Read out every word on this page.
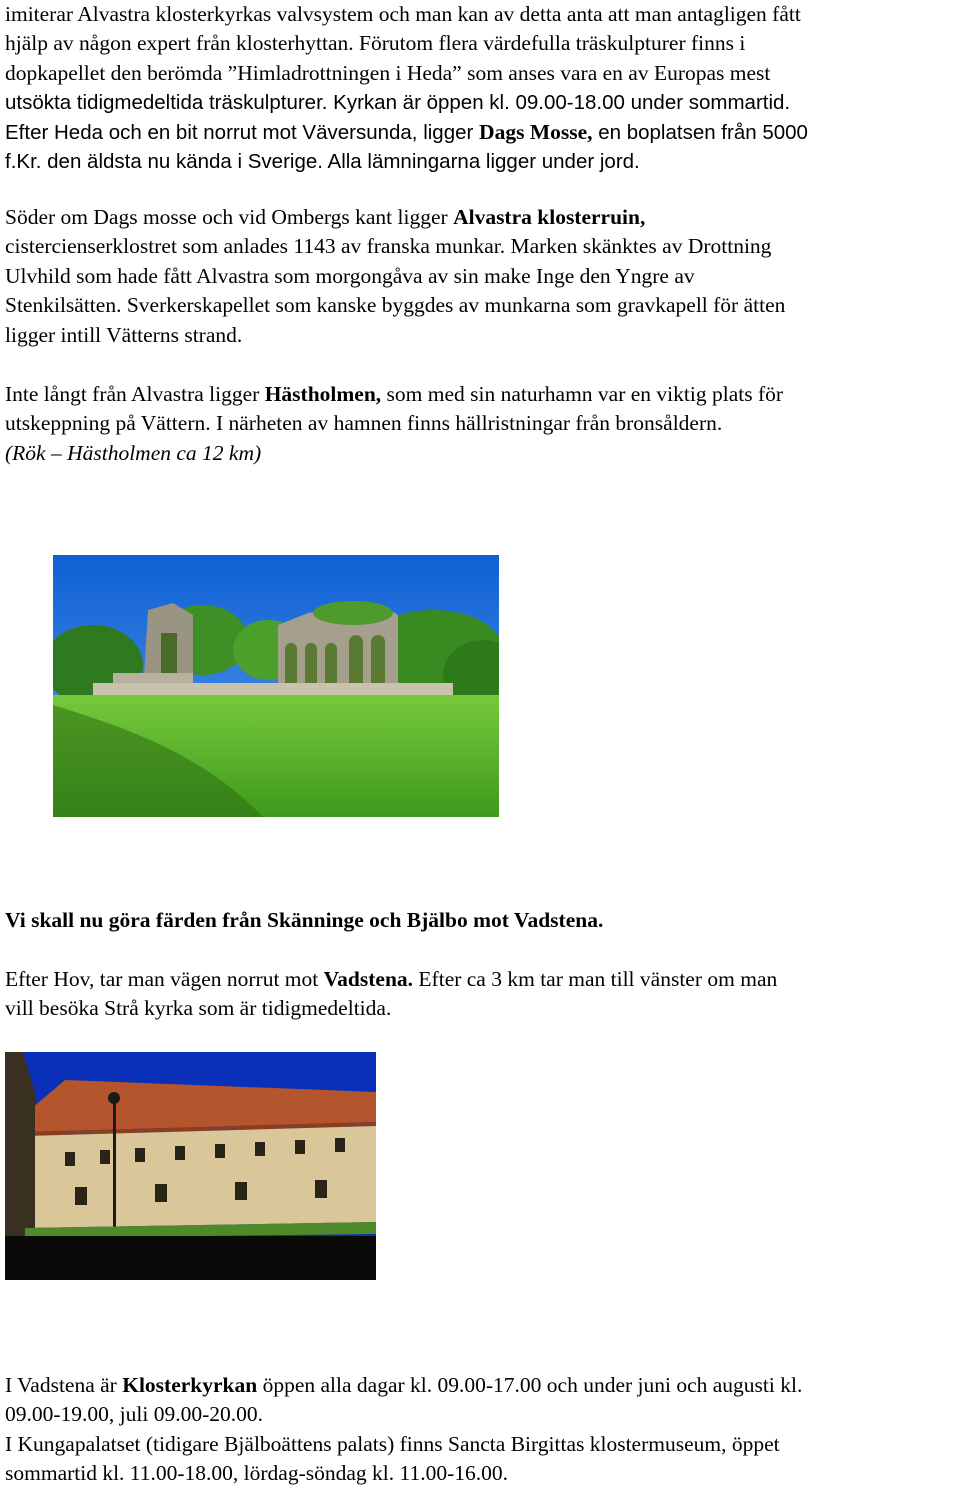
imiterar Alvastra klosterkyrkas valvsystem och man kan av detta anta att man antagligen fått
hjälp av någon expert från klosterhyttan. Förutom flera värdefulla träskulpturer finns i
dopkapellet den berömda ”Himladrottningen i Heda” som anses vara en av Europas mest
utsökta tidigmedeltida träskulpturer. Kyrkan är öppen kl. 09.00-18.00 under sommartid.
Efter Heda och en bit norrut mot Väversunda, ligger Dags Mosse, en boplatsen från 5000
f.Kr. den äldsta nu kända i Sverige. Alla lämningarna ligger under jord.
Söder om Dags mosse och vid Ombergs kant ligger Alvastra klosterruin,
cistercienserklostret som anlades 1143 av franska munkar. Marken skänktes av Drottning
Ulvhild som hade fått Alvastra som morgongåva av sin make Inge den Yngre av
Stenkilsätten. Sverkerskapellet som kanske byggdes av munkarna som gravkapell för ätten
ligger intill Vätterns strand.
Inte långt från Alvastra ligger Hästholmen, som med sin naturhamn var en viktig plats för
utskeppning på Vättern. I närheten av hamnen finns hällristningar från bronsåldern.
(Rök – Hästholmen ca 12 km)
Vi skall nu göra färden från Skänninge och Bjälbo mot Vadstena.
Efter Hov, tar man vägen norrut mot Vadstena. Efter ca 3 km tar man till vänster om man
vill besöka Strå kyrka som är tidigmedeltida.
I Vadstena är Klosterkyrkan öppen alla dagar kl. 09.00-17.00 och under juni och augusti kl.
09.00-19.00, juli 09.00-20.00.
I Kungapalatset (tidigare Bjälboättens palats) finns Sancta Birgittas klostermuseum, öppet
sommartid kl. 11.00-18.00, lördag-söndag kl. 11.00-16.00.
